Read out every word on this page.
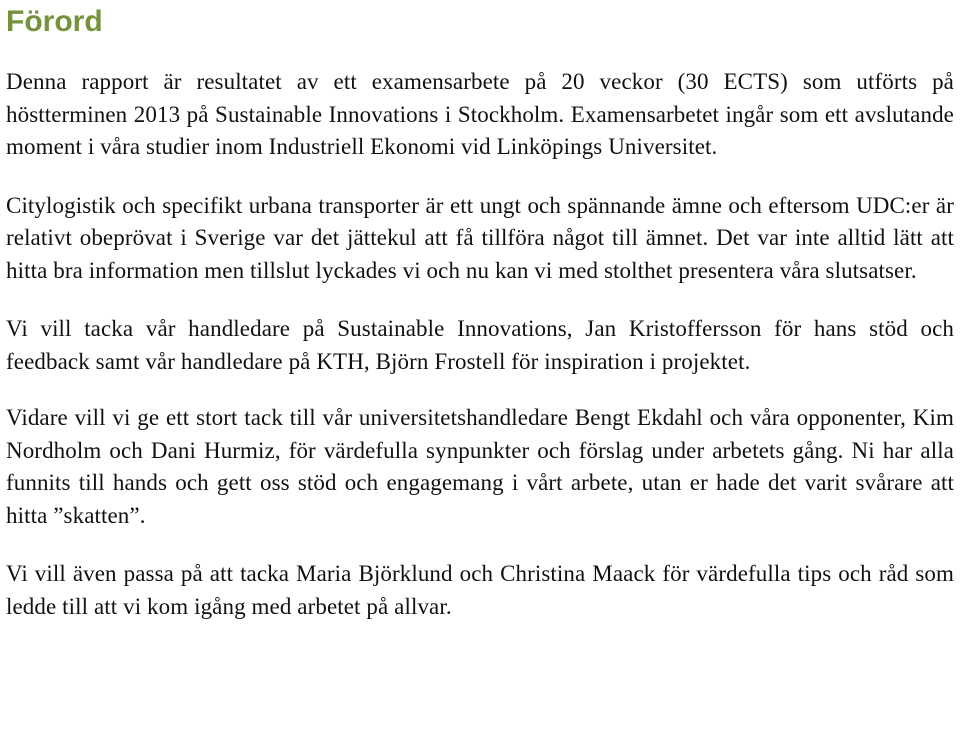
Förord

Denna rapport är resultatet av ett examensarbete på 20 veckor (30 ECTS) som utförts på höstterminen 2013 på Sustainable Innovations i Stockholm. Examensarbetet ingår som ett avslutande moment i våra studier inom Industriell Ekonomi vid Linköpings Universitet.

Citylogistik och specifikt urbana transporter är ett ungt och spännande ämne och eftersom UDC:er är relativt obeprövat i Sverige var det jättekul att få tillföra något till ämnet. Det var inte alltid lätt att hitta bra information men tillslut lyckades vi och nu kan vi med stolthet presentera våra slutsatser.

Vi vill tacka vår handledare på Sustainable Innovations, Jan Kristoffersson för hans stöd och feedback samt vår handledare på KTH, Björn Frostell för inspiration i projektet.

Vidare vill vi ge ett stort tack till vår universitetshandledare Bengt Ekdahl och våra opponenter, Kim Nordholm och Dani Hurmiz, för värdefulla synpunkter och förslag under arbetets gång. Ni har alla funnits till hands och gett oss stöd och engagemang i vårt arbete, utan er hade det varit svårare att hitta ”skatten”.

Vi vill även passa på att tacka Maria Björklund och Christina Maack för värdefulla tips och råd som ledde till att vi kom igång med arbetet på allvar.
